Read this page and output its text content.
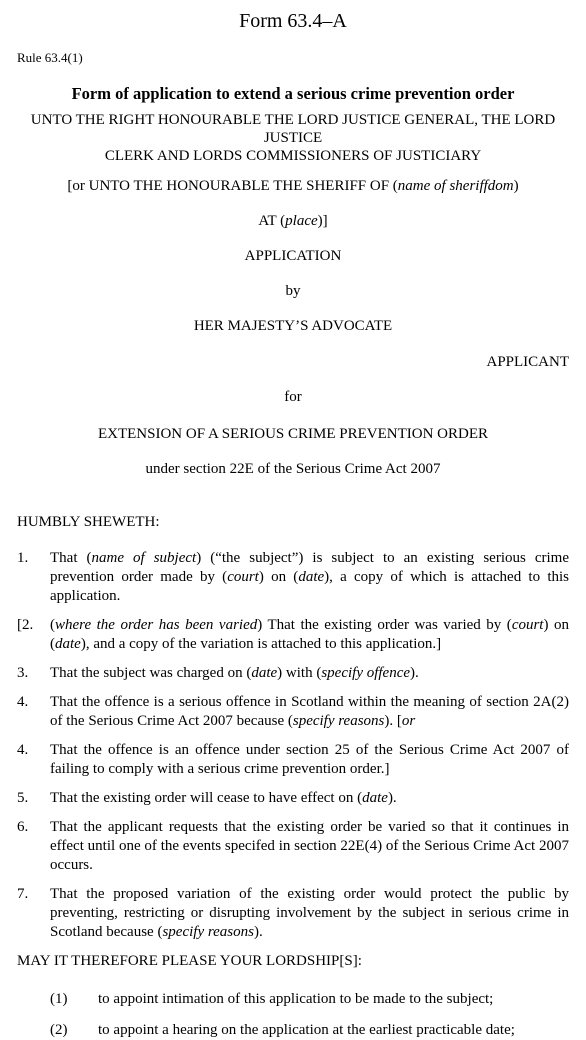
Form 63.4–A

Rule 63.4(1)

Form of application to extend a serious crime prevention order

UNTO THE RIGHT HONOURABLE THE LORD JUSTICE GENERAL, THE LORD JUSTICE
CLERK AND LORDS COMMISSIONERS OF JUSTICIARY

[or UNTO THE HONOURABLE THE SHERIFF OF (name of sheriffdom)

AT (place)]

APPLICATION

by

HER MAJESTY’S ADVOCATE

APPLICANT

for

EXTENSION OF A SERIOUS CRIME PREVENTION ORDER

under section 22E of the Serious Crime Act 2007

HUMBLY SHEWETH:

1.	That (name of subject) (“the subject”) is subject to an existing serious crime prevention order made by (court) on (date), a copy of which is attached to this application.
[2.	(where the order has been varied) That the existing order was varied by (court) on (date), and a copy of the variation is attached to this application.]
3.	That the subject was charged on (date) with (specify offence).
4.	That the offence is a serious offence in Scotland within the meaning of section 2A(2) of the Serious Crime Act 2007 because (specify reasons). [or
4.	That the offence is an offence under section 25 of the Serious Crime Act 2007 of failing to comply with a serious crime prevention order.]
5.	That the existing order will cease to have effect on (date).
6.	That the applicant requests that the existing order be varied so that it continues in effect until one of the events specifed in section 22E(4) of the Serious Crime Act 2007 occurs.
7.	That the proposed variation of the existing order would protect the public by preventing, restricting or disrupting involvement by the subject in serious crime in Scotland because (specify reasons).

MAY IT THEREFORE PLEASE YOUR LORDSHIP[S]:

(1)	to appoint intimation of this application to be made to the subject;
(2)	to appoint a hearing on the application at the earliest practicable date;
